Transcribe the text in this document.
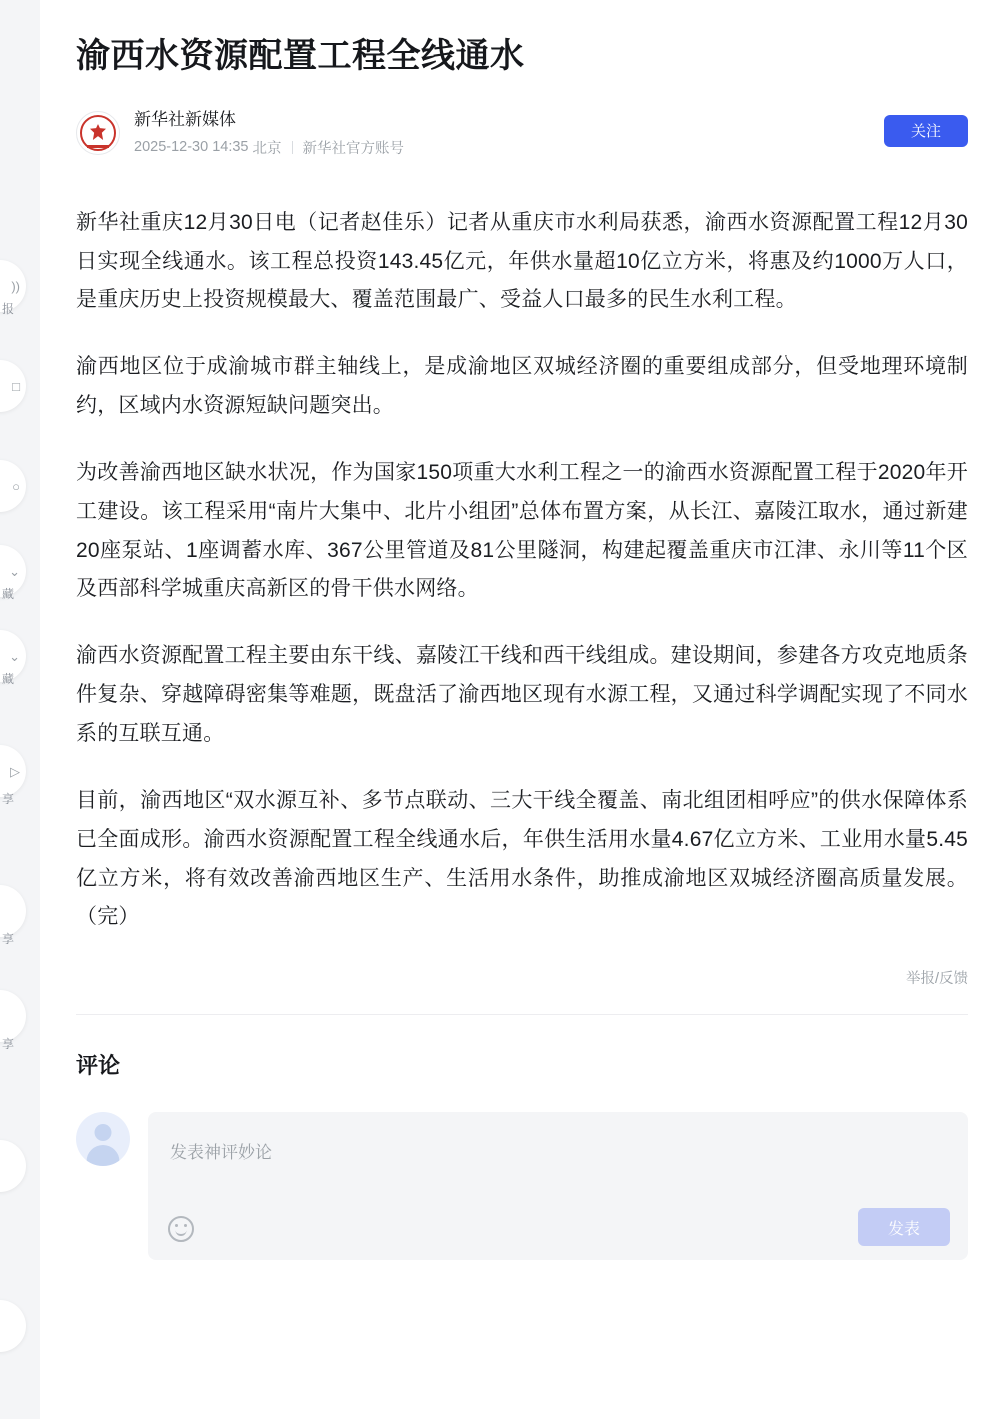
))
报
□
○
⌄
藏
⌄
藏
▷
享
享
享
渝西水资源配置工程全线通水
新华社新媒体
2025-12-30 14:35
北京 新华社官方账号
关注

新华社重庆12月30日电（记者赵佳乐）记者从重庆市水利局获悉，渝西水资源配置工程12月30日实现全线通水。该工程总投资143.45亿元，年供水量超10亿立方米，将惠及约1000万人口，是重庆历史上投资规模最大、覆盖范围最广、受益人口最多的民生水利工程。

渝西地区位于成渝城市群主轴线上，是成渝地区双城经济圈的重要组成部分，但受地理环境制约，区域内水资源短缺问题突出。

为改善渝西地区缺水状况，作为国家150项重大水利工程之一的渝西水资源配置工程于2020年开工建设。该工程采用“南片大集中、北片小组团”总体布置方案，从长江、嘉陵江取水，通过新建20座泵站、1座调蓄水库、367公里管道及81公里隧洞，构建起覆盖重庆市江津、永川等11个区及西部科学城重庆高新区的骨干供水网络。

渝西水资源配置工程主要由东干线、嘉陵江干线和西干线组成。建设期间，参建各方攻克地质条件复杂、穿越障碍密集等难题，既盘活了渝西地区现有水源工程，又通过科学调配实现了不同水系的互联互通。

目前，渝西地区“双水源互补、多节点联动、三大干线全覆盖、南北组团相呼应”的供水保障体系已全面成形。渝西水资源配置工程全线通水后，年供生活用水量4.67亿立方米、工业用水量5.45亿立方米，将有效改善渝西地区生产、生活用水条件，助推成渝地区双城经济圈高质量发展。（完）

举报/反馈
评论
发表神评妙论
发表
